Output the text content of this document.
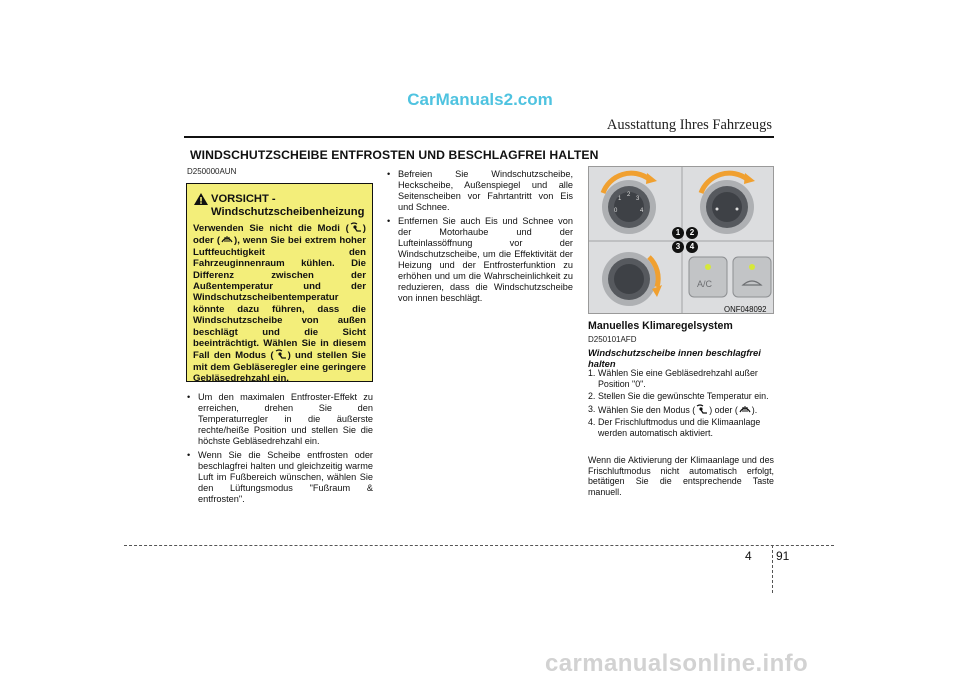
CarManuals2.com
Ausstattung Ihres Fahrzeugs
WINDSCHUTZSCHEIBE ENTFROSTEN UND BESCHLAGFREI HALTEN
D250000AUN
VORSICHT -
Windschutzscheibenheizung
Verwenden Sie nicht die Modi ( ) oder ( ), wenn Sie bei extrem hoher Luftfeuchtigkeit den Fahrzeuginnenraum kühlen. Die Differenz zwischen der Außentemperatur und der Windschutzscheibentemperatur könnte dazu führen, dass die Windschutzscheibe von außen beschlägt und die Sicht beeinträchtigt. Wählen Sie in diesem Fall den Modus ( ) und stellen Sie mit dem Gebläseregler eine geringere Gebläsedrehzahl ein.
• Um den maximalen Entfroster-Effekt zu erreichen, drehen Sie den Temperaturregler in die äußerste rechte/heiße Position und stellen Sie die höchste Gebläsedrehzahl ein.
• Wenn Sie die Scheibe entfrosten oder beschlagfrei halten und gleichzeitig warme Luft im Fußbereich wünschen, wählen Sie den Lüftungsmodus "Fußraum & entfrosten".
• Befreien Sie Windschutzscheibe, Heckscheibe, Außenspiegel und alle Seitenscheiben vor Fahrtantritt von Eis und Schnee.
• Entfernen Sie auch Eis und Schnee von der Motorhaube und der Lufteinlassöffnung vor der Windschutzscheibe, um die Effektivität der Heizung und der Entfrosterfunktion zu erhöhen und um die Wahrscheinlichkeit zu reduzieren, dass die Windschutzscheibe von innen beschlägt.
0
1
2
3
4
A/C
1	2
3	4
ONF048092
Manuelles Klimaregelsystem
D250101AFD
Windschutzscheibe innen beschlagfrei halten
1. Wählen Sie eine Gebläsedrehzahl außer Position "0".
2. Stellen Sie die gewünschte Temperatur ein.
3. Wählen Sie den Modus ( ) oder ( ).
4. Der Frischluftmodus und die Klimaanlage werden automatisch aktiviert.
Wenn die Aktivierung der Klimaanlage und des Frischluftmodus nicht automatisch erfolgt, betätigen Sie die entsprechende Taste manuell.
4 91
carmanualsonline.info
